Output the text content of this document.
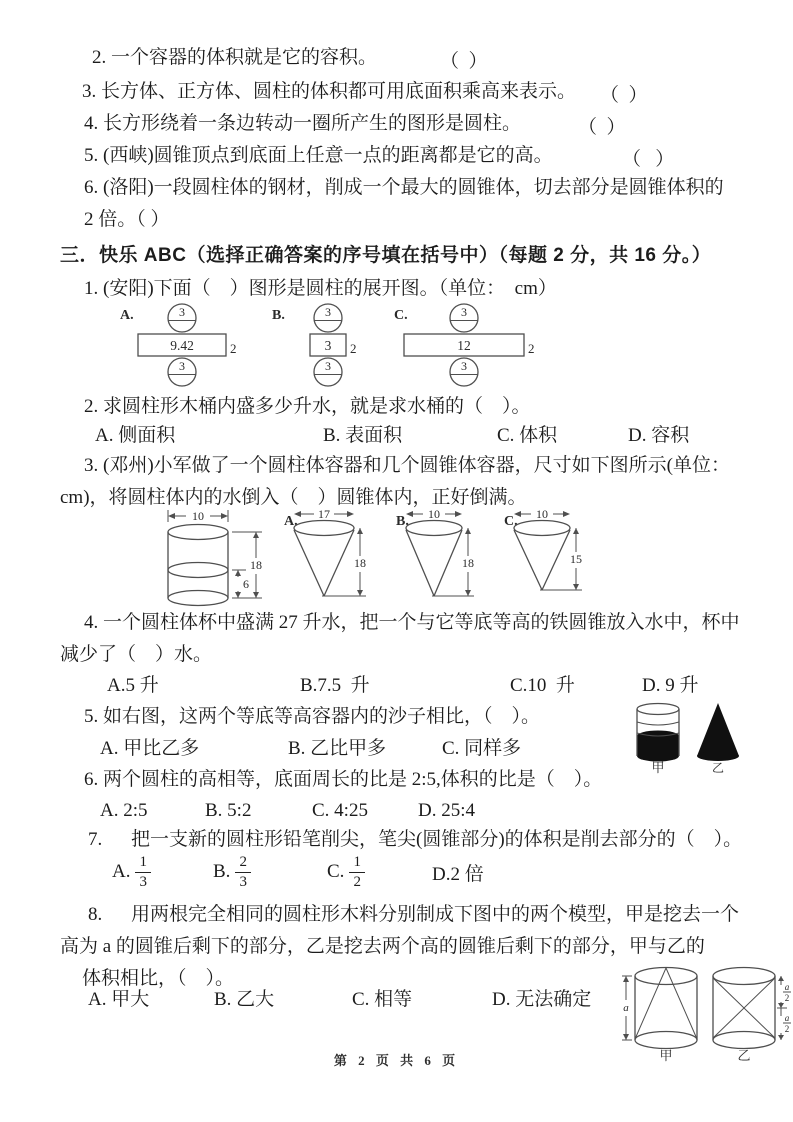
2. 一个容器的体积就是它的容积。	（  ）
3. 长方体、正方体、圆柱的体积都可用底面积乘高来表示。 （  ）
4. 长方形绕着一条边转动一圈所产生的图形是圆柱。	（  ）
5. (西峡)圆锥顶点到底面上任意一点的距离都是它的高。	（   ）
6. (洛阳)一段圆柱体的钢材，削成一个最大的圆锥体，切去部分是圆锥体积的
2 倍。（ ）
三．快乐 ABC（选择正确答案的序号填在括号中）（每题 2 分，共 16 分。）
1. (安阳)下面（    ）图形是圆柱的展开图。（单位：  cm）
A.	3
9.42	2
3
B.	3
3 2
3
C.	3
12	2
3
2. 求圆柱形木桶内盛多少升水，就是求水桶的（    ）。
A. 侧面积	B. 表面积	C. 体积	D. 容积
3. (邓州)小军做了一个圆柱体容器和几个圆锥体容器，尺寸如下图所示(单位：
cm)，将圆柱体内的水倒入（    ）圆锥体内，正好倒满。
10
6
18
A. 17
18
B. 10
18
C. 10
15
4. 一个圆柱体杯中盛满 27 升水，把一个与它等底等高的铁圆锥放入水中，杯中
减少了（    ）水。
A.5 升	B.7.5  升	C.10  升	D. 9 升
5. 如右图，这两个等底等高容器内的沙子相比，（    ）。
A. 甲比乙多	B. 乙比甲多	C. 同样多
甲	乙
6. 两个圆柱的高相等，底面周长的比是 2:5,体积的比是（    ）。
A. 2:5	B. 5:2	C. 4:25	D. 25:4
7. 把一支新的圆柱形铅笔削尖，笔尖(圆锥部分)的体积是削去部分的（    ）。
A. $\frac{1}{3}$	B. $\frac{2}{3}$	C. $\frac{1}{2}$	D.2 倍
8. 用两根完全相同的圆柱形木料分别制成下图中的两个模型，甲是挖去一个
高为 a 的圆锥后剩下的部分，乙是挖去两个高的圆锥后剩下的部分，甲与乙的
体积相比，（    ）。
A. 甲大	B. 乙大	C. 相等	D. 无法确定	a
甲
a
2
a
2
乙
第 2 页 共 6 页
